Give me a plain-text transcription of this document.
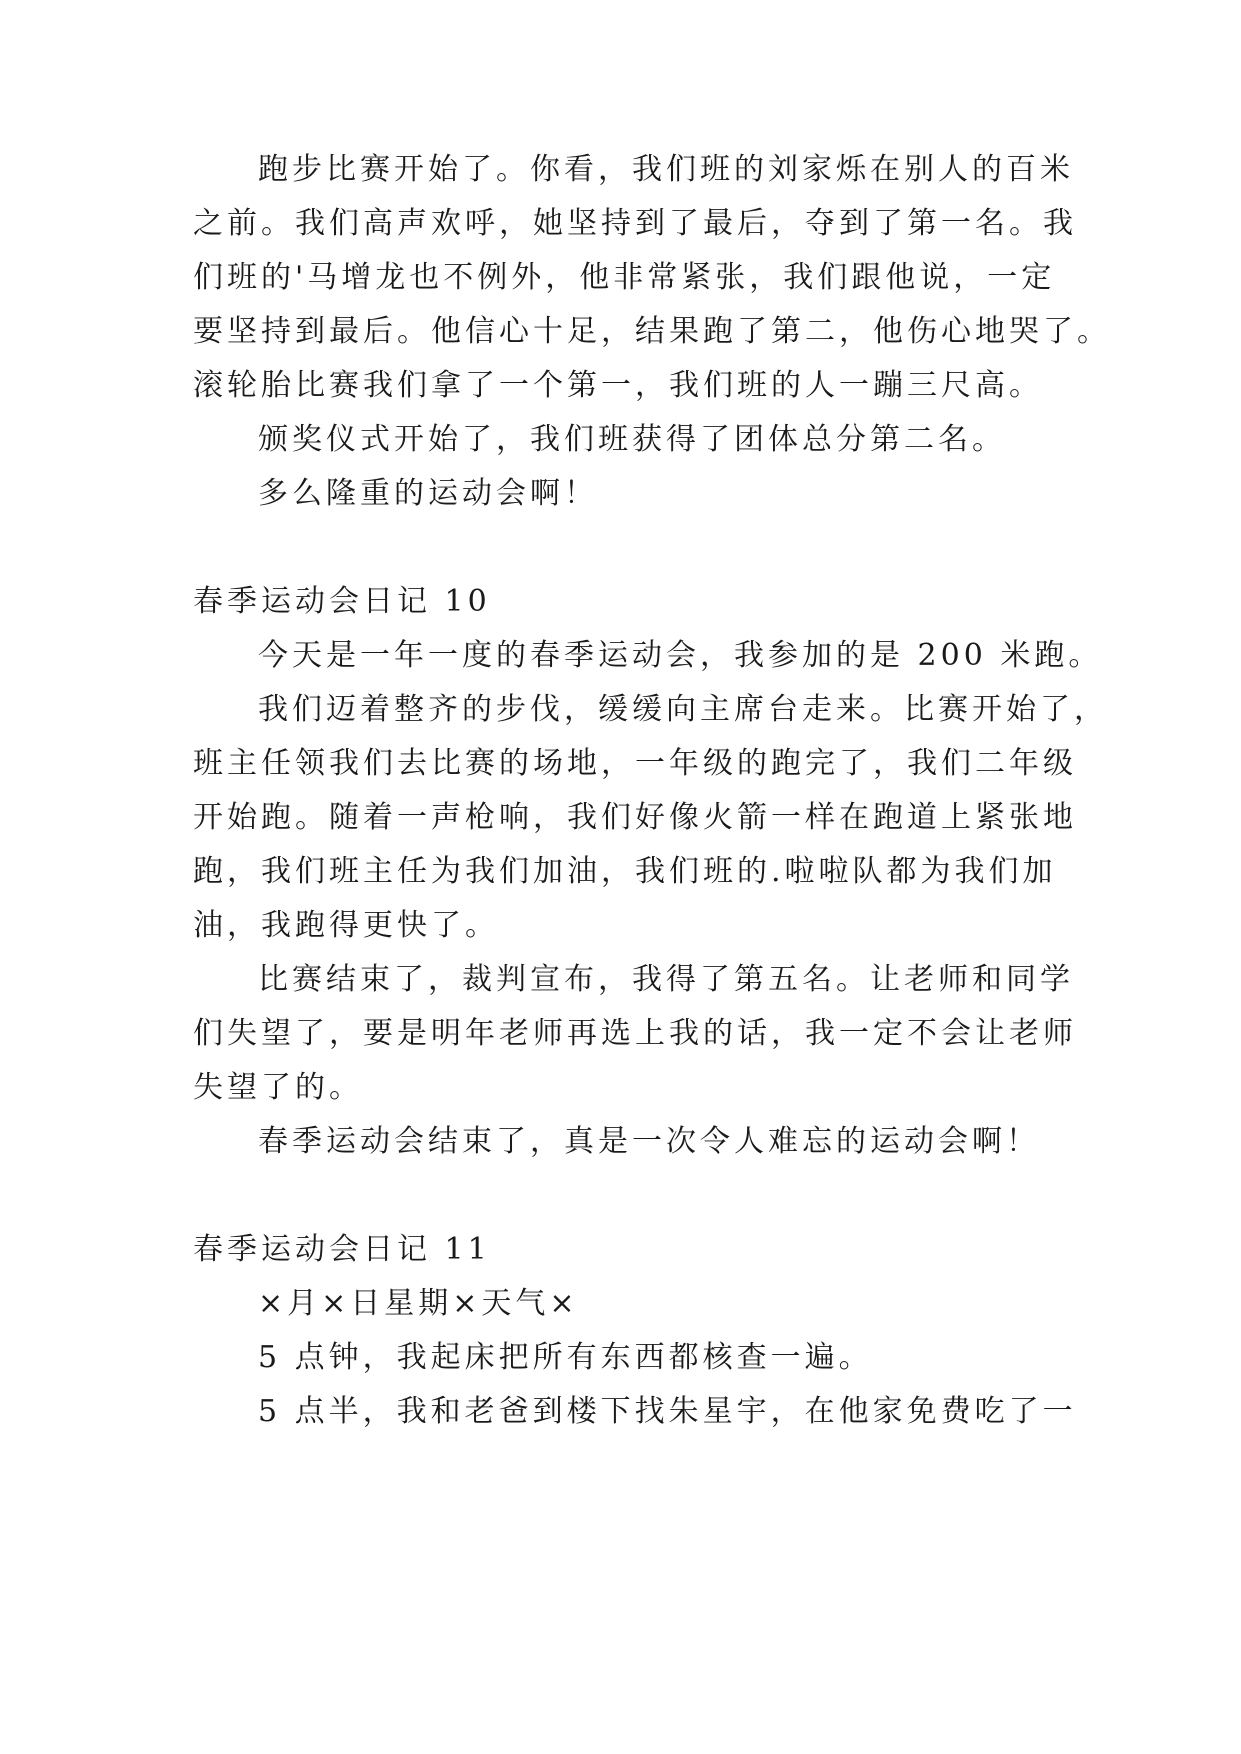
跑步比赛开始了。你看，我们班的刘家烁在别人的百米
之前。我们高声欢呼，她坚持到了最后，夺到了第一名。我
们班的'马增龙也不例外，他非常紧张，我们跟他说，一定
要坚持到最后。他信心十足，结果跑了第二，他伤心地哭了。
滚轮胎比赛我们拿了一个第一，我们班的人一蹦三尺高。
颁奖仪式开始了，我们班获得了团体总分第二名。
多么隆重的运动会啊！
春季运动会日记 10
今天是一年一度的春季运动会，我参加的是 200 米跑。
我们迈着整齐的步伐，缓缓向主席台走来。比赛开始了，
班主任领我们去比赛的场地，一年级的跑完了，我们二年级
开始跑。随着一声枪响，我们好像火箭一样在跑道上紧张地
跑，我们班主任为我们加油，我们班的.啦啦队都为我们加
油，我跑得更快了。
比赛结束了，裁判宣布，我得了第五名。让老师和同学
们失望了，要是明年老师再选上我的话，我一定不会让老师
失望了的。
春季运动会结束了，真是一次令人难忘的运动会啊！
春季运动会日记 11
×月×日星期×天气×
5 点钟，我起床把所有东西都核查一遍。
5 点半，我和老爸到楼下找朱星宇，在他家免费吃了一
